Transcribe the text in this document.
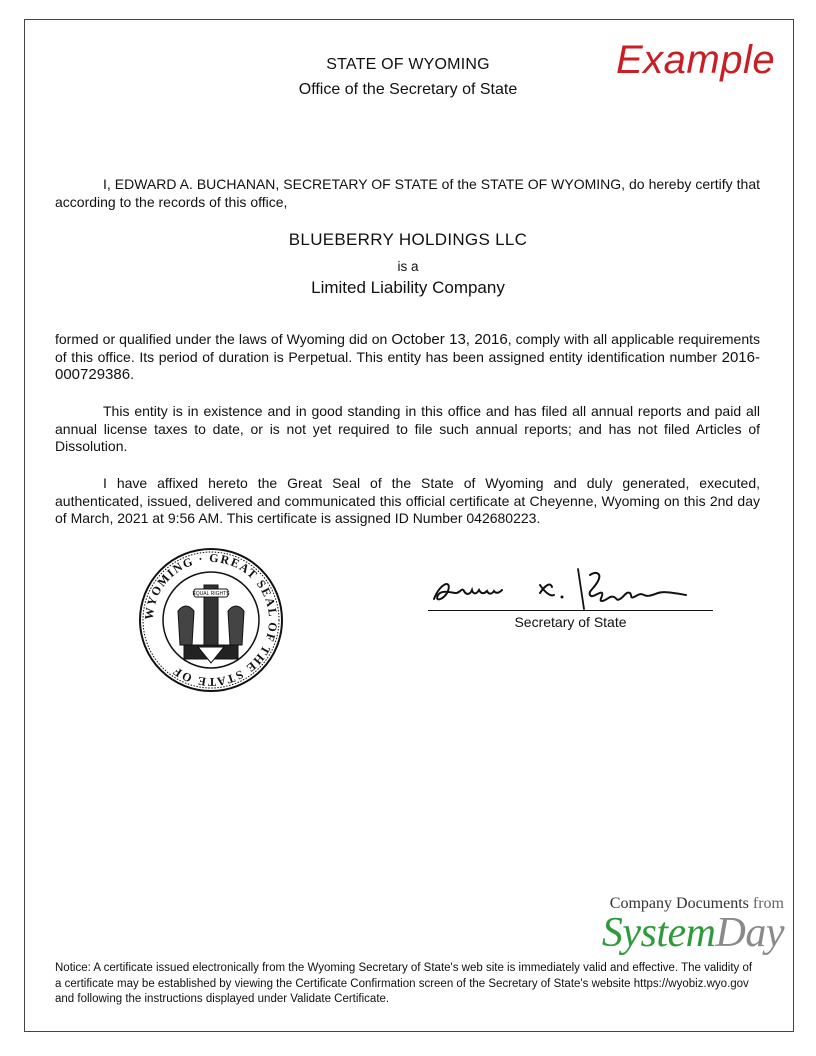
Example
STATE OF WYOMING
Office of the Secretary of State
I, EDWARD A. BUCHANAN, SECRETARY OF STATE of the STATE OF WYOMING, do hereby certify that according to the records of this office,
BLUEBERRY HOLDINGS LLC
is a
Limited Liability Company
formed or qualified under the laws of Wyoming did on October 13, 2016, comply with all applicable requirements of this office. Its period of duration is Perpetual. This entity has been assigned entity identification number 2016-000729386.
This entity is in existence and in good standing in this office and has filed all annual reports and paid all annual license taxes to date, or is not yet required to file such annual reports; and has not filed Articles of Dissolution.
I have affixed hereto the Great Seal of the State of Wyoming and duly generated, executed, authenticated, issued, delivered and communicated this official certificate at Cheyenne, Wyoming on this 2nd day of March, 2021 at 9:56 AM. This certificate is assigned ID Number 042680223.
WYOMING · GREAT SEAL OF THE STATE OF
EQUAL RIGHTS
Secretary of State
Company Documents from
SystemDay
Notice: A certificate issued electronically from the Wyoming Secretary of State's web site is immediately valid and effective. The validity of a certificate may be established by viewing the Certificate Confirmation screen of the Secretary of State's website https://wyobiz.wyo.gov and following the instructions displayed under Validate Certificate.
